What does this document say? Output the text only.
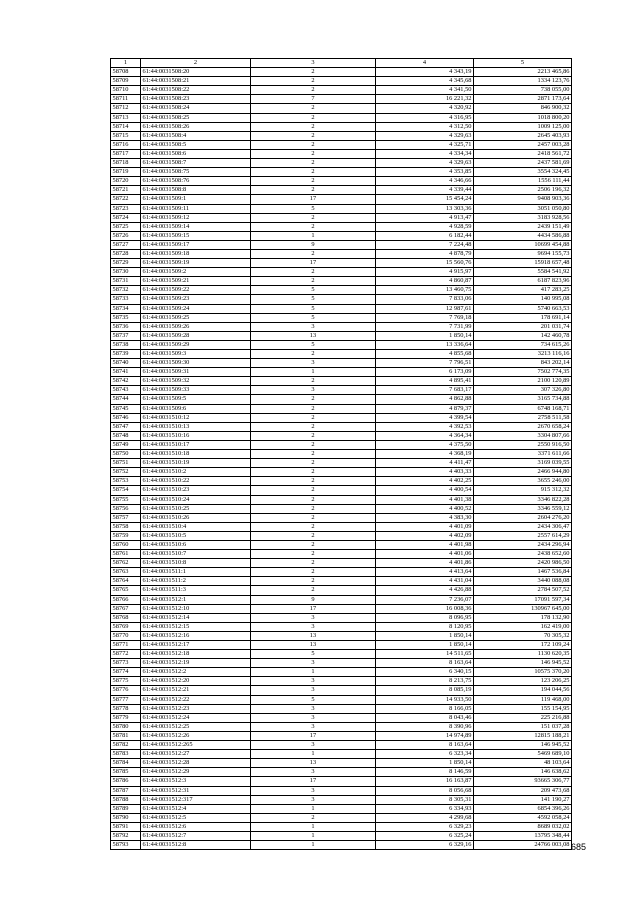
1	2	3	4	5
58708	61:44:0031508:20	2	4 343,19	2213 465,86
58709	61:44:0031508:21	2	4 345,68	1334 123,76
58710	61:44:0031508:22	2	4 341,50	738 055,00
58711	61:44:0031508:23	7	16 221,32	2871 173,64
58712	61:44:0031508:24	2	4 320,92	846 900,32
58713	61:44:0031508:25	2	4 316,95	1018 800,20
58714	61:44:0031508:26	2	4 312,50	1009 125,00
58715	61:44:0031508:4	2	4 329,63	2645 403,93
58716	61:44:0031508:5	2	4 325,71	2457 003,28
58717	61:44:0031508:6	2	4 334,34	2418 561,72
58718	61:44:0031508:7	2	4 329,63	2437 581,69
58719	61:44:0031508:75	2	4 353,85	3554 324,45
58720	61:44:0031508:76	2	4 346,66	1556 111,44
58721	61:44:0031508:8	2	4 339,44	2506 196,32
58722	61:44:0031509:1	17	15 454,24	9408 903,36
58723	61:44:0031509:11	5	13 303,36	3051 050,80
58724	61:44:0031509:12	2	4 913,47	3183 928,56
58725	61:44:0031509:14	2	4 928,59	2439 151,49
58726	61:44:0031509:15	1	6 182,44	4434 586,88
58727	61:44:0031509:17	9	7 224,48	10699 454,88
58728	61:44:0031509:18	2	4 878,79	9694 155,73
58729	61:44:0031509:19	17	15 560,76	15918 657,48
58730	61:44:0031509:2	2	4 915,97	5584 541,92
58731	61:44:0031509:21	2	4 860,87	6187 823,96
58732	61:44:0031509:22	5	13 460,75	417 283,25
58733	61:44:0031509:23	5	7 833,06	140 995,08
58734	61:44:0031509:24	5	12 987,61	5740 663,53
58735	61:44:0031509:25	5	7 769,18	178 691,14
58736	61:44:0031509:26	3	7 731,99	201 031,74
58737	61:44:0031509:28	13	1 850,14	142 460,78
58738	61:44:0031509:29	5	13 336,64	734 615,26
58739	61:44:0031509:3	2	4 855,68	3213 116,16
58740	61:44:0031509:30	3	7 796,51	843 202,14
58741	61:44:0031509:31	1	6 173,09	7502 774,35
58742	61:44:0031509:32	2	4 895,41	2100 120,89
58743	61:44:0031509:33	3	7 683,17	307 326,80
58744	61:44:0031509:5	2	4 862,88	3165 734,88
58745	61:44:0031509:6	2	4 879,37	6748 168,71
58746	61:44:0031510:12	2	4 399,54	2758 511,58
58747	61:44:0031510:13	2	4 392,53	2670 658,24
58748	61:44:0031510:16	2	4 364,34	3304 807,66
58749	61:44:0031510:17	2	4 375,50	2550 916,50
58750	61:44:0031510:18	2	4 368,19	3371 611,66
58751	61:44:0031510:19	2	4 411,47	3169 039,55
58752	61:44:0031510:2	2	4 403,33	2466 944,80
58753	61:44:0031510:22	2	4 402,25	3655 246,00
58754	61:44:0031510:23	2	4 400,54	915 312,32
58755	61:44:0031510:24	2	4 401,38	3346 822,28
58756	61:44:0031510:25	2	4 400,52	3346 559,12
58757	61:44:0031510:26	2	4 383,30	2604 276,20
58758	61:44:0031510:4	2	4 401,09	2434 306,47
58759	61:44:0031510:5	2	4 402,09	2557 614,29
58760	61:44:0031510:6	2	4 401,98	2434 296,94
58761	61:44:0031510:7	2	4 401,06	2438 652,60
58762	61:44:0031510:8	2	4 401,86	2420 986,50
58763	61:44:0031511:1	2	4 413,64	1467 536,84
58764	61:44:0031511:2	2	4 431,04	3440 088,08
58765	61:44:0031511:3	2	4 426,88	2784 507,52
58766	61:44:0031512:1	9	7 236,07	17091 597,34
58767	61:44:0031512:10	17	16 008,36	130967 645,00
58768	61:44:0031512:14	3	8 096,95	178 132,90
58769	61:44:0031512:15	3	8 120,95	162 419,00
58770	61:44:0031512:16	13	1 850,14	70 305,32
58771	61:44:0031512:17	13	1 850,14	172 109,24
58772	61:44:0031512:18	5	14 511,65	1130 620,35
58773	61:44:0031512:19	3	8 163,64	146 945,52
58774	61:44:0031512:2	1	6 340,15	10575 370,20
58775	61:44:0031512:20	3	8 213,75	123 206,25
58776	61:44:0031512:21	3	8 085,19	194 044,56
58777	61:44:0031512:22	5	14 933,50	119 468,00
58778	61:44:0031512:23	3	8 166,05	155 154,95
58779	61:44:0031512:24	3	8 043,46	225 216,88
58780	61:44:0031512:25	3	8 390,96	151 037,28
58781	61:44:0031512:26	17	14 974,89	12815 188,21
58782	61:44:0031512:265	3	8 163,64	146 945,52
58783	61:44:0031512:27	1	6 323,34	5469 689,10
58784	61:44:0031512:28	13	1 850,14	48 103,64
58785	61:44:0031512:29	3	8 146,59	146 638,62
58786	61:44:0031512:3	17	16 163,87	93665 306,77
58787	61:44:0031512:31	3	8 056,68	209 473,68
58788	61:44:0031512:317	3	8 305,31	141 190,27
58789	61:44:0031512:4	1	6 334,93	6854 396,26
58790	61:44:0031512:5	2	4 299,68	4592 058,24
58791	61:44:0031512:6	1	6 329,23	8689 032,02
58792	61:44:0031512:7	1	6 325,24	13795 348,44
58793	61:44:0031512:8	1	6 329,16	24766 003,08 685
